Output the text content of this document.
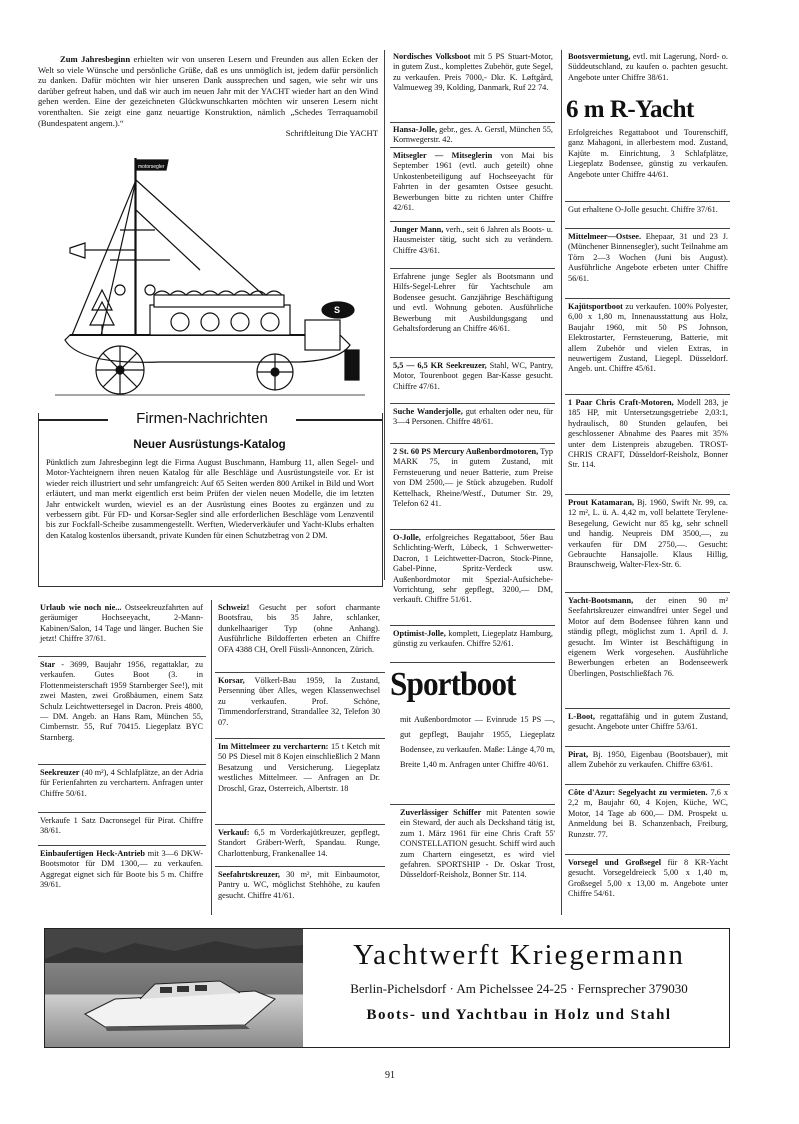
Zum Jahresbeginn erhielten wir von unseren Lesern und Freunden aus allen Ecken der Welt so viele Wünsche und persönliche Grüße, daß es uns unmöglich ist, jedem dafür persönlich zu danken. Dafür möchten wir hier unseren Dank aussprechen und sagen, wie sehr wir uns darüber gefreut haben, und daß wir auch im neuen Jahr mit der YACHT wieder hart an den Wind gehen werden. Eine der gezeichneten Glückwunschkarten möchten wir unseren Lesern nicht vorenthalten. Sie zeigt eine ganz neuartige Konstruktion, nämlich „Schedes Terraquamobil (Bundespatent angem.).“
Schriftleitung Die YACHT
motorsegler
S
Firmen-Nachrichten
Neuer Ausrüstungs-Katalog
Pünktlich zum Jahresbeginn legt die Firma August Buschmann, Hamburg 11, allen Segel- und Motor-Yachteignern ihren neuen Katalog für alle Beschläge und Ausrüstungsteile vor. Er ist wieder reich illustriert und sehr umfangreich: Auf 65 Seiten werden 800 Artikel in Bild und Wort erläutert, und man merkt eigentlich erst beim Prüfen der vielen neuen Modelle, die im letzten Jahr entwickelt wurden, wieviel es an der Ausrüstung eines Bootes zu ergänzen und zu verbessern gibt. Für FD- und Korsar-Segler sind alle erforderlichen Beschläge vom Lenzventil bis zur Fockfall-Scheibe zusammengestellt. Werften, Wiederverkäufer und Yacht-Klubs erhalten den Katalog kostenlos übersandt, private Kunden für einen Schutzbetrag von 2 DM.
Nordisches Volksboot mit 5 PS Stuart-Motor, in gutem Zust., komplettes Zubehör, gute Segel, zu verkaufen. Preis 7000,- Dkr. K. Løftgård, Valmueweg 39, Kolding, Danmark, Ruf 22 74.
Hansa-Jolle, gebr., ges. A. Gerstl, München 55, Kornwegerstr. 42.
Mitsegler — Mitseglerin von Mai bis September 1961 (evtl. auch geteilt) ohne Unkostenbeteiligung auf Hochseeyacht für Fahrten in der gesamten Ostsee gesucht. Bewerbungen bitte zu richten unter Chiffre 42/61.
Junger Mann, verh., seit 6 Jahren als Boots- u. Hausmeister tätig, sucht sich zu verändern. Chiffre 43/61.
Erfahrene junge Segler als Bootsmann und Hilfs-Segel-Lehrer für Yachtschule am Bodensee gesucht. Ganzjährige Beschäftigung und evtl. Wohnung geboten. Ausführliche Bewerbung mit Ausbildungsgang und Gehaltsforderung an Chiffre 46/61.
5,5 — 6,5 KR Seekreuzer, Stahl, WC, Pantry, Motor, Tourenboot gegen Bar-Kasse gesucht. Chiffre 47/61.
Suche Wanderjolle, gut erhalten oder neu, für 3—4 Personen. Chiffre 48/61.
2 St. 60 PS Mercury Außenbordmotoren, Typ MARK 75, in gutem Zustand, mit Fernsteuerung und neuer Batterie, zum Preise von DM 2500,— je Stück abzugeben. Rudolf Kettelhack, Rheine/Westf., Dutumer Str. 29, Telefon 62 41.
O-Jolle, erfolgreiches Regattaboot, 56er Bau Schlichting-Werft, Lübeck, 1 Schwerwetter-Dacron, 1 Leichtwetter-Dacron, Stock-Pinne, Gabel-Pinne, Spritz-Verdeck usw. Außenbordmotor mit Spezial-Aufsichebe-Vorrichtung, sehr gepflegt, 3200,— DM, verkauft. Chiffre 51/61.
Optimist-Jolle, komplett, Liegeplatz Hamburg, günstig zu verkaufen. Chiffre 52/61.
Bootsvermietung, evtl. mit Lagerung, Nord- o. Süddeutschland, zu kaufen o. pachten gesucht. Angebote unter Chiffre 38/61.
6 m R-Yacht
Erfolgreiches Regattaboot und Tourenschiff, ganz Mahagoni, in allerbestem mod. Zustand, Kajüte m. Einrichtung, 3 Schlafplätze, Liegeplatz Bodensee, günstig zu verkaufen. Angebote unter Chiffre 44/61.
Gut erhaltene O-Jolle gesucht. Chiffre 37/61.
Mittelmeer—Ostsee. Ehepaar, 31 und 23 J. (Münchener Binnensegler), sucht Teilnahme am Törn 2—3 Wochen (Juni bis August). Ausführliche Angebote erbeten unter Chiffre 56/61.
Kajütsportboot zu verkaufen. 100% Polyester, 6,00 x 1,80 m, Innenausstattung aus Holz, Baujahr 1960, mit 50 PS Johnson, Elektrostarter, Fernsteuerung, Batterie, mit allem Zubehör und vielen Extras, in neuwertigem Zustand, Liegepl. Düsseldorf. Angeb. unt. Chiffre 45/61.
1 Paar Chris Craft-Motoren, Modell 283, je 185 HP, mit Untersetzungsgetriebe 2,03:1, hydraulisch, 80 Stunden gelaufen, bei geschlossener Abnahme des Paares mit 35% unter dem Listenpreis abzugeben. TROST-CHRIS CRAFT, Düsseldorf-Reisholz, Bonner Str. 114.
Prout Katamaran, Bj. 1960, Swift Nr. 99, ca. 12 m², L. ü. A. 4,42 m, voll belattete Terylene-Besegelung, Gewicht nur 85 kg, sehr schnell und handig. Neupreis DM 3500,—, zu verkaufen für DM 2750,—. Gesucht: Gebrauchte Hansajolle. Klaus Hillig, Braunschweig, Walter-Flex-Str. 6.
Yacht-Bootsmann, der einen 90 m² Seefahrtskreuzer einwandfrei unter Segel und Motor auf dem Bodensee führen kann und ständig pflegt, möglichst zum 1. April d. J. gesucht. Im Winter ist Beschäftigung in eigenem Werk vorgesehen. Ausführliche Bewerbungen erbeten an Bodenseewerk Überlingen, Postschließfach 76.
L-Boot, regattafähig und in gutem Zustand, gesucht. Angebote unter Chiffre 53/61.
Pirat, Bj. 1950, Eigenbau (Bootsbauer), mit allem Zubehör zu verkaufen. Chiffre 63/61.
Côte d'Azur: Segelyacht zu vermieten. 7,6 x 2,2 m, Baujahr 60, 4 Kojen, Küche, WC, Motor, 14 Tage ab 600,— DM. Prospekt u. Anmeldung bei B. Schanzenbach, Freiburg, Runzstr. 77.
Vorsegel und Großsegel für 8 KR-Yacht gesucht. Vorsegeldreieck 5,00 x 1,40 m, Großsegel 5,00 x 13,00 m. Angebote unter Chiffre 54/61.
Urlaub wie noch nie... Ostseekreuzfahrten auf geräumiger Hochseeyacht, 2-Mann-Kabinen/Salon, 14 Tage und länger. Buchen Sie jetzt! Chiffre 37/61.
Star - 3699, Baujahr 1956, regattaklar, zu verkaufen. Gutes Boot (3. in Flottenmeisterschaft 1959 Starnberger See!), mit zwei Masten, zwei Großbäumen, einem Satz Schulz Leichtwettersegel in Dacron. Preis 4800,— DM. Angeb. an Hans Ram, München 55, Cimbernstr. 55, Ruf 70415. Liegeplatz BYC Starnberg.
Seekreuzer (40 m²), 4 Schlafplätze, an der Adria für Ferienfahrten zu verchartern. Anfragen unter Chiffre 50/61.
Verkaufe 1 Satz Dacronsegel für Pirat. Chiffre 38/61.
Einbaufertigen Heck-Antrieb mit 3—6 DKW-Bootsmotor für DM 1300,— zu verkaufen. Aggregat eignet sich für Boote bis 5 m. Chiffre 39/61.
Schweiz! Gesucht per sofort charmante Bootsfrau, bis 35 Jahre, schlanker, dunkelhaariger Typ (ohne Anhang). Ausführliche Bildofferten erbeten an Chiffre OFA 4388 CH, Orell Füssli-Annoncen, Zürich.
Korsar, Völkerl-Bau 1959, Ia Zustand, Persenning über Alles, wegen Klassenwechsel zu verkaufen. Prof. Schöne, Timmendorferstrand, Strandallee 32, Telefon 30 07.
Im Mittelmeer zu verchartern: 15 t Ketch mit 50 PS Diesel mit 8 Kojen einschließlich 2 Mann Besatzung und Versicherung. Liegeplatz westliches Mittelmeer. — Anfragen an Dr. Droschl, Graz, Osterreich, Albertstr. 18
Verkauf: 6,5 m Vorderkajütkreuzer, gepflegt, Standort Gräbert-Werft, Spandau. Runge, Charlottenburg, Frankenallee 14.
Seefahrtskreuzer, 30 m², mit Einbaumotor, Pantry u. WC, möglichst Stehhöhe, zu kaufen gesucht. Chiffre 41/61.
Sportboot
mit Außenbordmotor — Evinrude 15 PS —, gut gepflegt, Baujahr 1955, Liegeplatz Bodensee, zu verkaufen. Maße: Länge 4,70 m, Breite 1,40 m. Anfragen unter Chiffre 40/61.
Zuverlässiger Schiffer mit Patenten sowie ein Steward, der auch als Deckshand tätig ist, zum 1. März 1961 für eine Chris Craft 55' CONSTELLATION gesucht. Schiff wird auch zum Chartern eingesetzt, es wird viel gefahren. SPORTSHIP - Dr. Oskar Trost, Düsseldorf-Reisholz, Bonner Str. 114.
Yachtwerft Kriegermann
Berlin-Pichelsdorf · Am Pichelssee 24-25 · Fernsprecher 379030
Boots- und Yachtbau in Holz und Stahl
91
